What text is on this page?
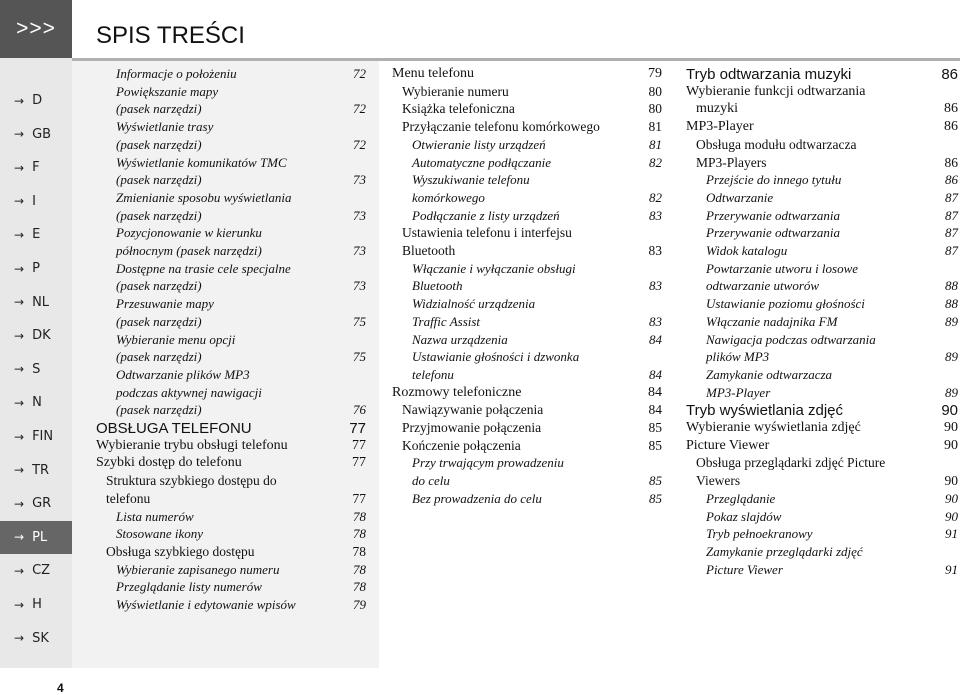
>>>
→ D
→ GB
→ F
→ I
→ E
→ P
→ NL
→ DK
→ S
→ N
→ FIN
→ TR
→ GR
→ PL
→ CZ
→ H
→ SK
SPIS TREŚCI
Informacje o położeniu	72
Powiększanie mapy
(pasek narzędzi)	72
Wyświetlanie trasy
(pasek narzędzi)	72
Wyświetlanie komunikatów TMC
(pasek narzędzi)	73
Zmienianie sposobu wyświetlania
(pasek narzędzi)	73
Pozycjonowanie w kierunku
północnym (pasek narzędzi)	73
Dostępne na trasie cele specjalne
(pasek narzędzi)	73
Przesuwanie mapy
(pasek narzędzi)	75
Wybieranie menu opcji
(pasek narzędzi)	75
Odtwarzanie plików MP3
podczas aktywnej nawigacji
(pasek narzędzi)	76
OBSŁUGA TELEFONU	77
Wybieranie trybu obsługi telefonu	77
Szybki dostęp do telefonu	77
Struktura szybkiego dostępu do
telefonu	77
Lista numerów	78
Stosowane ikony	78
Obsługa szybkiego dostępu	78
Wybieranie zapisanego numeru	78
Przeglądanie listy numerów	78
Wyświetlanie i edytowanie wpisów	79
Menu telefonu	79
Wybieranie numeru	80
Książka telefoniczna	80
Przyłączanie telefonu komórkowego	81
Otwieranie listy urządzeń	81
Automatyczne podłączanie	82
Wyszukiwanie telefonu
komórkowego	82
Podłączanie z listy urządzeń	83
Ustawienia telefonu i interfejsu
Bluetooth	83
Włączanie i wyłączanie obsługi
Bluetooth	83
Widzialność urządzenia
Traffic Assist	83
Nazwa urządzenia	84
Ustawianie głośności i dzwonka
telefonu	84
Rozmowy telefoniczne	84
Nawiązywanie połączenia	84
Przyjmowanie połączenia	85
Kończenie połączenia	85
Przy trwającym prowadzeniu
do celu	85
Bez prowadzenia do celu	85
Tryb odtwarzania muzyki	86
Wybieranie funkcji odtwarzania
muzyki	86
MP3-Player	86
Obsługa modułu odtwarzacza
MP3-Players	86
Przejście do innego tytułu	86
Odtwarzanie	87
Przerywanie odtwarzania	87
Przerywanie odtwarzania	87
Widok katalogu	87
Powtarzanie utworu i losowe
odtwarzanie utworów	88
Ustawianie poziomu głośności	88
Włączanie nadajnika FM	89
Nawigacja podczas odtwarzania
plików MP3	89
Zamykanie odtwarzacza
MP3-Player	89
Tryb wyświetlania zdjęć	90
Wybieranie wyświetlania zdjęć	90
Picture Viewer	90
Obsługa przeglądarki zdjęć Picture
Viewers	90
Przeglądanie	90
Pokaz slajdów	90
Tryb pełnoekranowy	91
Zamykanie przeglądarki zdjęć
Picture Viewer	91
4
